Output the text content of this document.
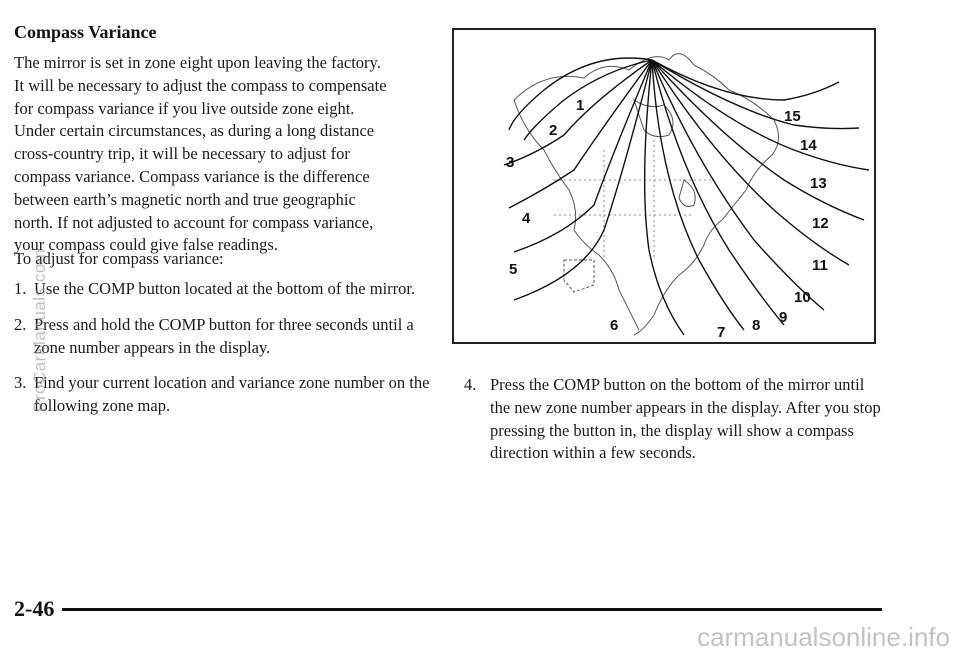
Compass Variance

The mirror is set in zone eight upon leaving the factory.

It will be necessary to adjust the compass to compensate

for compass variance if you live outside zone eight.

Under certain circumstances, as during a long distance

cross-country trip, it will be necessary to adjust for

compass variance. Compass variance is the difference

between earth’s magnetic north and true geographic

north. If not adjusted to account for compass variance,

your compass could give false readings.

To adjust for compass variance:
1. Use the COMP button located at the bottom of the mirror.
2. Press and hold the COMP button for three seconds until a zone number appears in the display.
3. Find your current location and variance zone number on the following zone map.
1
2
3
4
5
6	7 8 9
10
11
12
13
14
15
4. Press the COMP button on the bottom of the mirror until the new zone number appears in the display. After you stop pressing the button in, the display will show a compass direction within a few seconds.
2-46
ProCarManuals.com
carmanualsonline.info
